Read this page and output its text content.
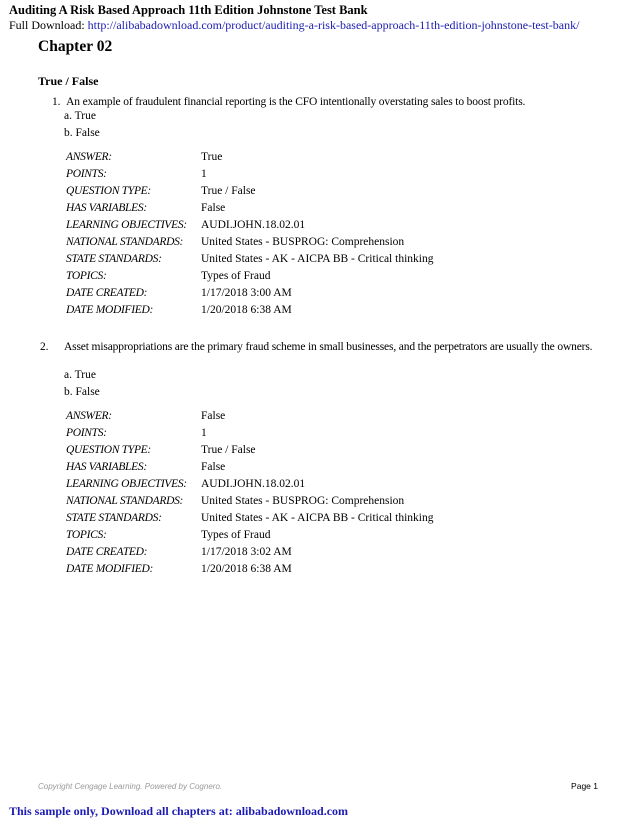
Auditing A Risk Based Approach 11th Edition Johnstone Test Bank
Full Download: http://alibabadownload.com/product/auditing-a-risk-based-approach-11th-edition-johnstone-test-bank/
Chapter 02
True / False
1. An example of fraudulent financial reporting is the CFO intentionally overstating sales to boost profits.
a. True
b. False
ANSWER:	True
POINTS:	1
QUESTION TYPE:	True / False
HAS VARIABLES:	False
LEARNING OBJECTIVES:	AUDI.JOHN.18.02.01
NATIONAL STANDARDS:	United States - BUSPROG: Comprehension
STATE STANDARDS:	United States - AK - AICPA BB - Critical thinking
TOPICS:	Types of Fraud
DATE CREATED:	1/17/2018 3:00 AM
DATE MODIFIED:	1/20/2018 6:38 AM
2. Asset misappropriations are the primary fraud scheme in small businesses, and the perpetrators are usually the owners.
a. True
b. False
ANSWER:	False
POINTS:	1
QUESTION TYPE:	True / False
HAS VARIABLES:	False
LEARNING OBJECTIVES:	AUDI.JOHN.18.02.01
NATIONAL STANDARDS:	United States - BUSPROG: Comprehension
STATE STANDARDS:	United States - AK - AICPA BB - Critical thinking
TOPICS:	Types of Fraud
DATE CREATED:	1/17/2018 3:02 AM
DATE MODIFIED:	1/20/2018 6:38 AM
Copyright Cengage Learning. Powered by Cognero.	Page 1
This sample only, Download all chapters at: alibabadownload.com
